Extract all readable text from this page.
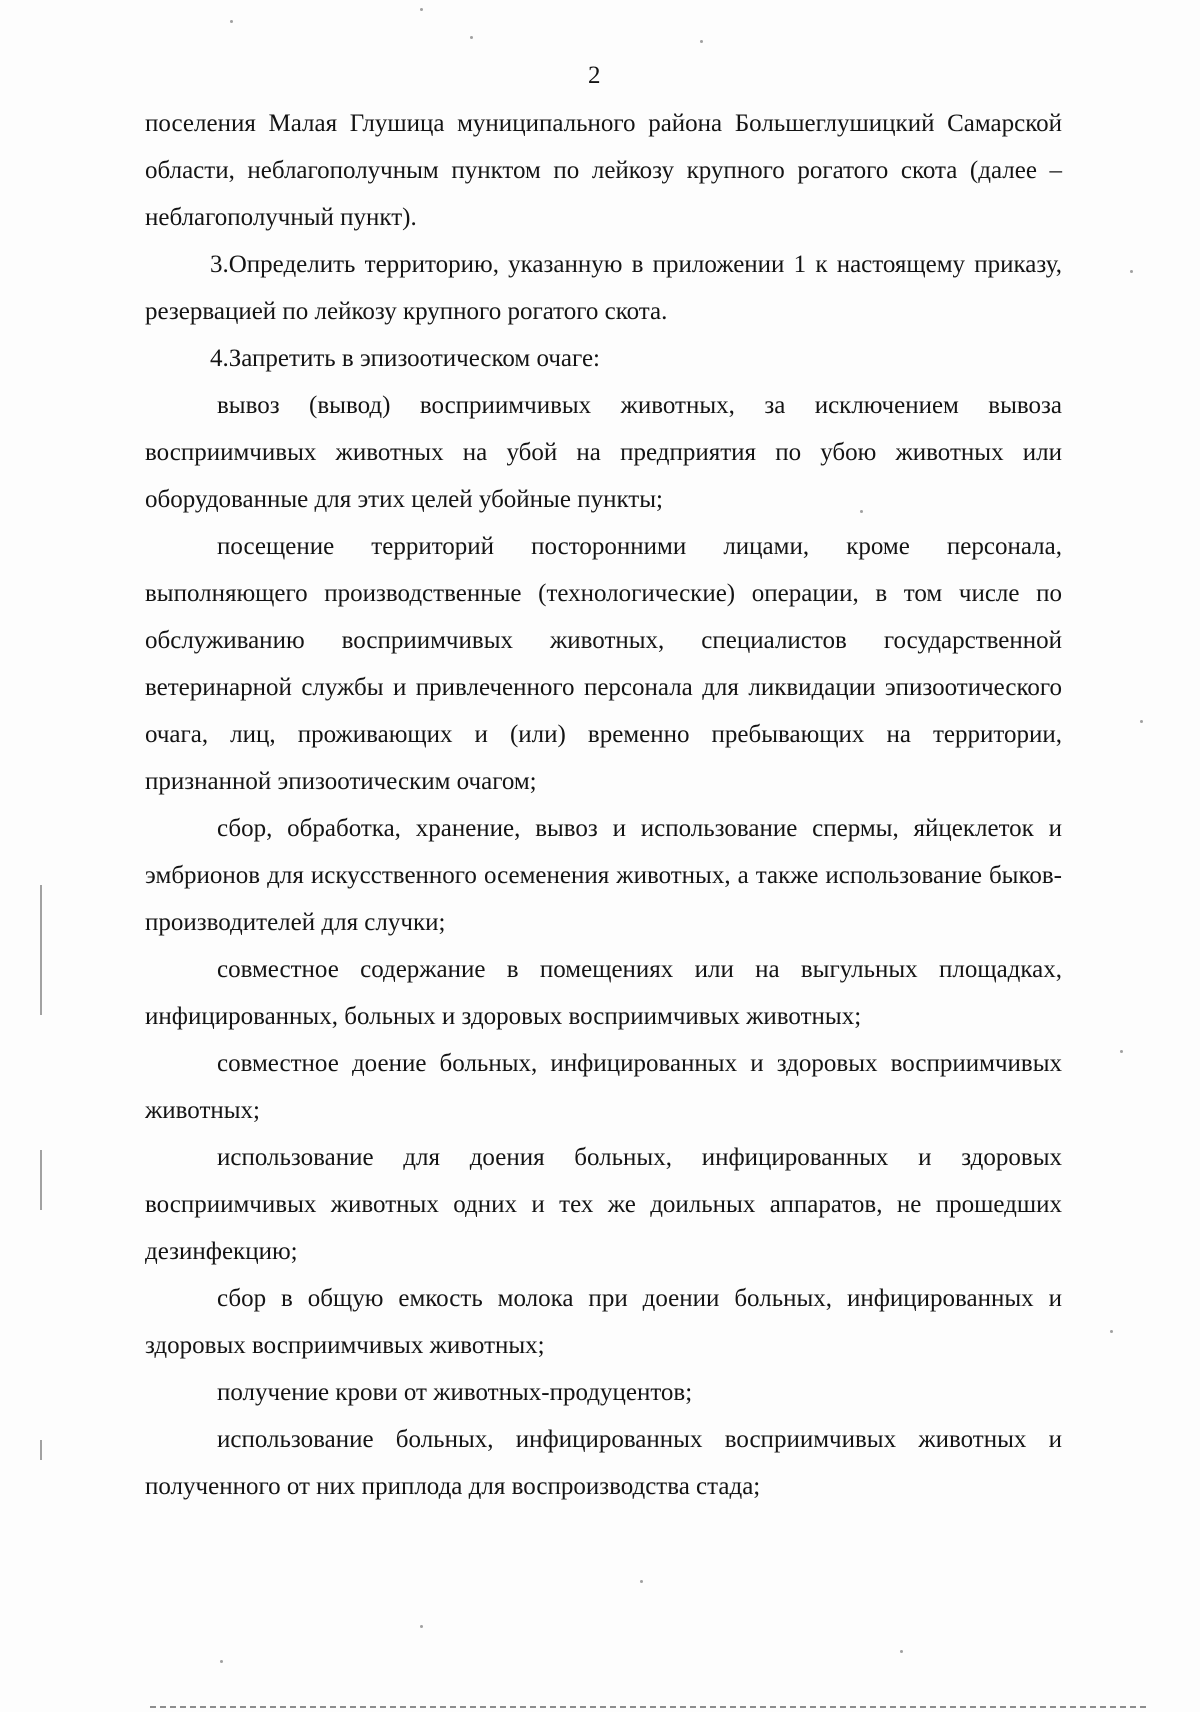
2

поселения Малая Глушица муниципального района Большеглушицкий Самарской области, неблагополучным пунктом по лейкозу крупного рогатого скота (далее – неблагополучный пункт).

3.Определить территорию, указанную в приложении 1 к настоящему приказу, резервацией по лейкозу крупного рогатого скота.

4.Запретить в эпизоотическом очаге:

вывоз (вывод) восприимчивых животных, за исключением вывоза восприимчивых животных на убой на предприятия по убою животных или оборудованные для этих целей убойные пункты;

посещение территорий посторонними лицами, кроме персонала, выполняющего производственные (технологические) операции, в том числе по обслуживанию восприимчивых животных, специалистов государственной ветеринарной службы и привлеченного персонала для ликвидации эпизоотического очага, лиц, проживающих и (или) временно пребывающих на территории, признанной эпизоотическим очагом;

сбор, обработка, хранение, вывоз и использование спермы, яйцеклеток и эмбрионов для искусственного осеменения животных, а также использование быков-производителей для случки;

совместное содержание в помещениях или на выгульных площадках, инфицированных, больных и здоровых восприимчивых животных;

совместное доение больных, инфицированных и здоровых восприимчивых животных;

использование для доения больных, инфицированных и здоровых восприимчивых животных одних и тех же доильных аппаратов, не прошедших дезинфекцию;

сбор в общую емкость молока при доении больных, инфицированных и здоровых восприимчивых животных;

получение крови от животных-продуцентов;

использование больных, инфицированных восприимчивых животных и полученного от них приплода для воспроизводства стада;
